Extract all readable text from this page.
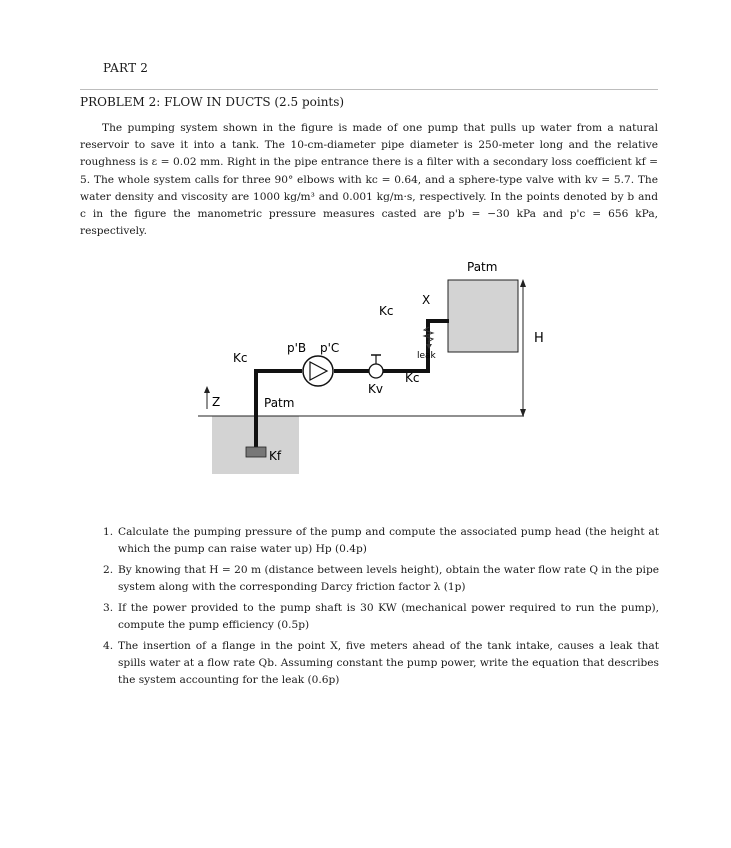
PART 2
PROBLEM 2: FLOW IN DUCTS (2.5 points)

The pumping system shown in the figure is made of one pump that pulls up water from a natural reservoir to save it into a tank. The 10-cm-diameter pipe diameter is 250-meter long and the relative roughness is ε = 0.02 mm. Right in the pipe entrance there is a filter with a secondary loss coefficient kf = 5. The whole system calls for three 90° elbows with kc = 0.64, and a sphere-type valve with kv = 5.7. The water density and viscosity are 1000 kg/m³ and 0.001 kg/m·s, respectively. In the points denoted by b and c in the figure the manometric pressure measures casted are p'b = −30 kPa and p'c = 656 kPa, respectively.

Patm
p'B p'C
Kc
Kc
Kc
Kv
Kf
X
leak
H
Z	Patm
1. Calculate the pumping pressure of the pump and compute the associated pump head (the height at which the pump can raise water up) Hp (0.4p)
2. By knowing that H = 20 m (distance between levels height), obtain the water flow rate Q in the pipe system along with the corresponding Darcy friction factor λ (1p)
3. If the power provided to the pump shaft is 30 KW (mechanical power required to run the pump), compute the pump efficiency (0.5p)
4. The insertion of a flange in the point X, five meters ahead of the tank intake, causes a leak that spills water at a flow rate Qb. Assuming constant the pump power, write the equation that describes the system accounting for the leak (0.6p)
